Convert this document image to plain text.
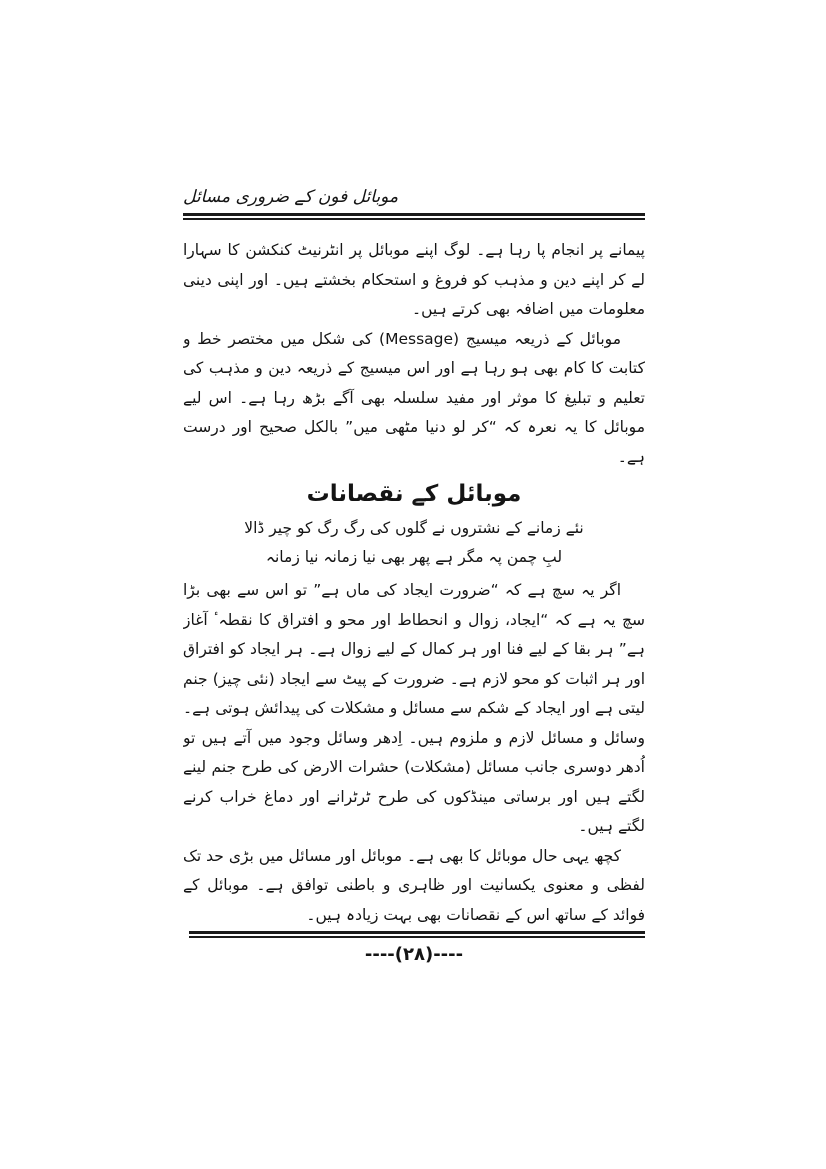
موبائل فون کے ضروری مسائل

پیمانے پر انجام پا رہا ہے۔ لوگ اپنے موبائل پر انٹرنیٹ کنکشن کا سہارا لے کر اپنے دین و مذہب کو فروغ و استحکام بخشتے ہیں۔ اور اپنی دینی معلومات میں اضافہ بھی کرتے ہیں۔

موبائل کے ذریعہ میسیج (Message) کی شکل میں مختصر خط و کتابت کا کام بھی ہو رہا ہے اور اس میسیج کے ذریعہ دین و مذہب کی تعلیم و تبلیغ کا موثر اور مفید سلسلہ بھی آگے بڑھ رہا ہے۔ اس لیے موبائل کا یہ نعرہ کہ “کر لو دنیا مٹھی میں” بالکل صحیح اور درست ہے۔

موبائل کے نقصانات
نئے زمانے کے نشتروں نے گلوں کی رگ رگ کو چیر ڈالا
لبِ چمن پہ مگر ہے پھر بھی نیا زمانہ نیا زمانہ

اگر یہ سچ ہے کہ “ضرورت ایجاد کی ماں ہے” تو اس سے بھی بڑا سچ یہ ہے کہ “ایجاد، زوال و انحطاط اور محو و افتراق کا نقطہٴ آغاز ہے” ہر بقا کے لیے فنا اور ہر کمال کے لیے زوال ہے۔ ہر ایجاد کو افتراق اور ہر اثبات کو محو لازم ہے۔ ضرورت کے پیٹ سے ایجاد (نئی چیز) جنم لیتی ہے اور ایجاد کے شکم سے مسائل و مشکلات کی پیدائش ہوتی ہے۔ وسائل و مسائل لازم و ملزوم ہیں۔ اِدھر وسائل وجود میں آتے ہیں تو اُدھر دوسری جانب مسائل (مشکلات) حشرات الارض کی طرح جنم لینے لگتے ہیں اور برساتی مینڈکوں کی طرح ٹرٹرانے اور دماغ خراب کرنے لگتے ہیں۔

کچھ یہی حال موبائل کا بھی ہے۔ موبائل اور مسائل میں بڑی حد تک لفظی و معنوی یکسانیت اور ظاہری و باطنی توافق ہے۔ موبائل کے فوائد کے ساتھ اس کے نقصانات بھی بہت زیادہ ہیں۔

----(۲۸)----
